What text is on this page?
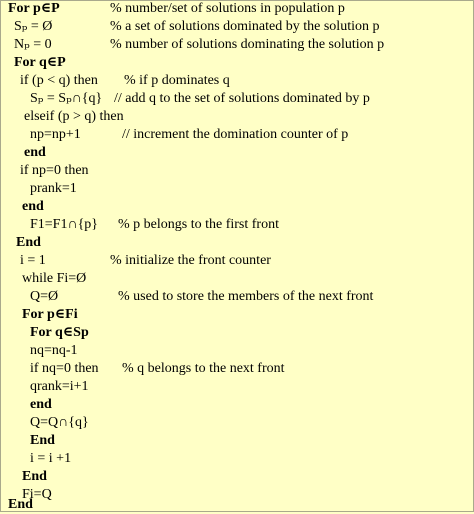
For p∈P	% number/set of solutions in population p
Sₚ = Ø	% a set of solutions dominated by the solution p
Nₚ = 0	% number of solutions dominating the solution p
For q∈P
if (p < q) then % if p dominates q
Sₚ = Sₚ∩{q} // add q to the set of solutions dominated by p
elseif (p > q) then
np=np+1	// increment the domination counter of p
end
if np=0 then
prank=1
end
F1=F1∩{p} % p belongs to the first front
End
i = 1	% initialize the front counter
while Fi=Ø
Q=Ø	% used to store the members of the next front
For p∈Fi
For q∈Sp
nq=nq-1
if nq=0 then % q belongs to the next front
qrank=i+1
end
Q=Q∩{q}
End
i = i +1
End
Fi=Q
End
